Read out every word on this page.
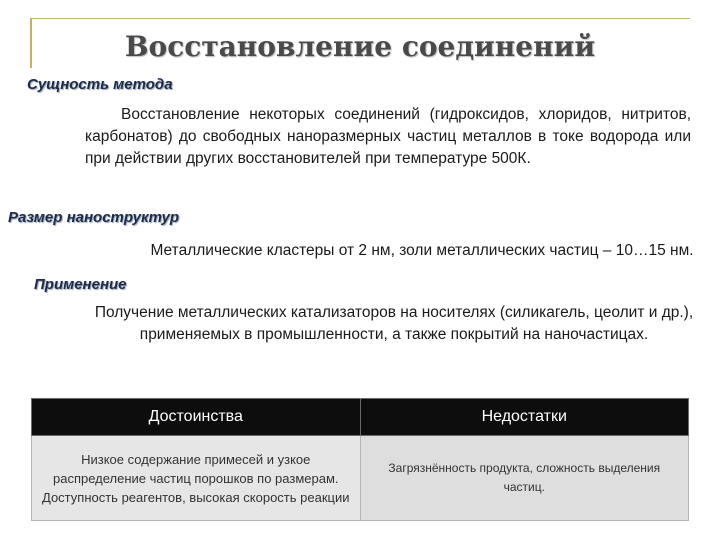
Восстановление соединений
Сущность метода
Восстановление некоторых соединений (гидроксидов, хлоридов, нитритов, карбонатов) до свободных наноразмерных частиц металлов в токе водорода или при действии других восстановителей при температуре 500К.
Размер наноструктур
Металлические кластеры от 2 нм, золи металлических частиц – 10…15 нм.
Применение
Получение металлических катализаторов на носителях (силикагель, цеолит и др.), применяемых в промышленности, а также покрытий на наночастицах.
Достоинства	Недостатки
Низкое содержание примесей и узкое распределение частиц порошков по размерам. Доступность реагентов, высокая скорость реакции	Загрязнённость продукта, сложность выделения частиц.
